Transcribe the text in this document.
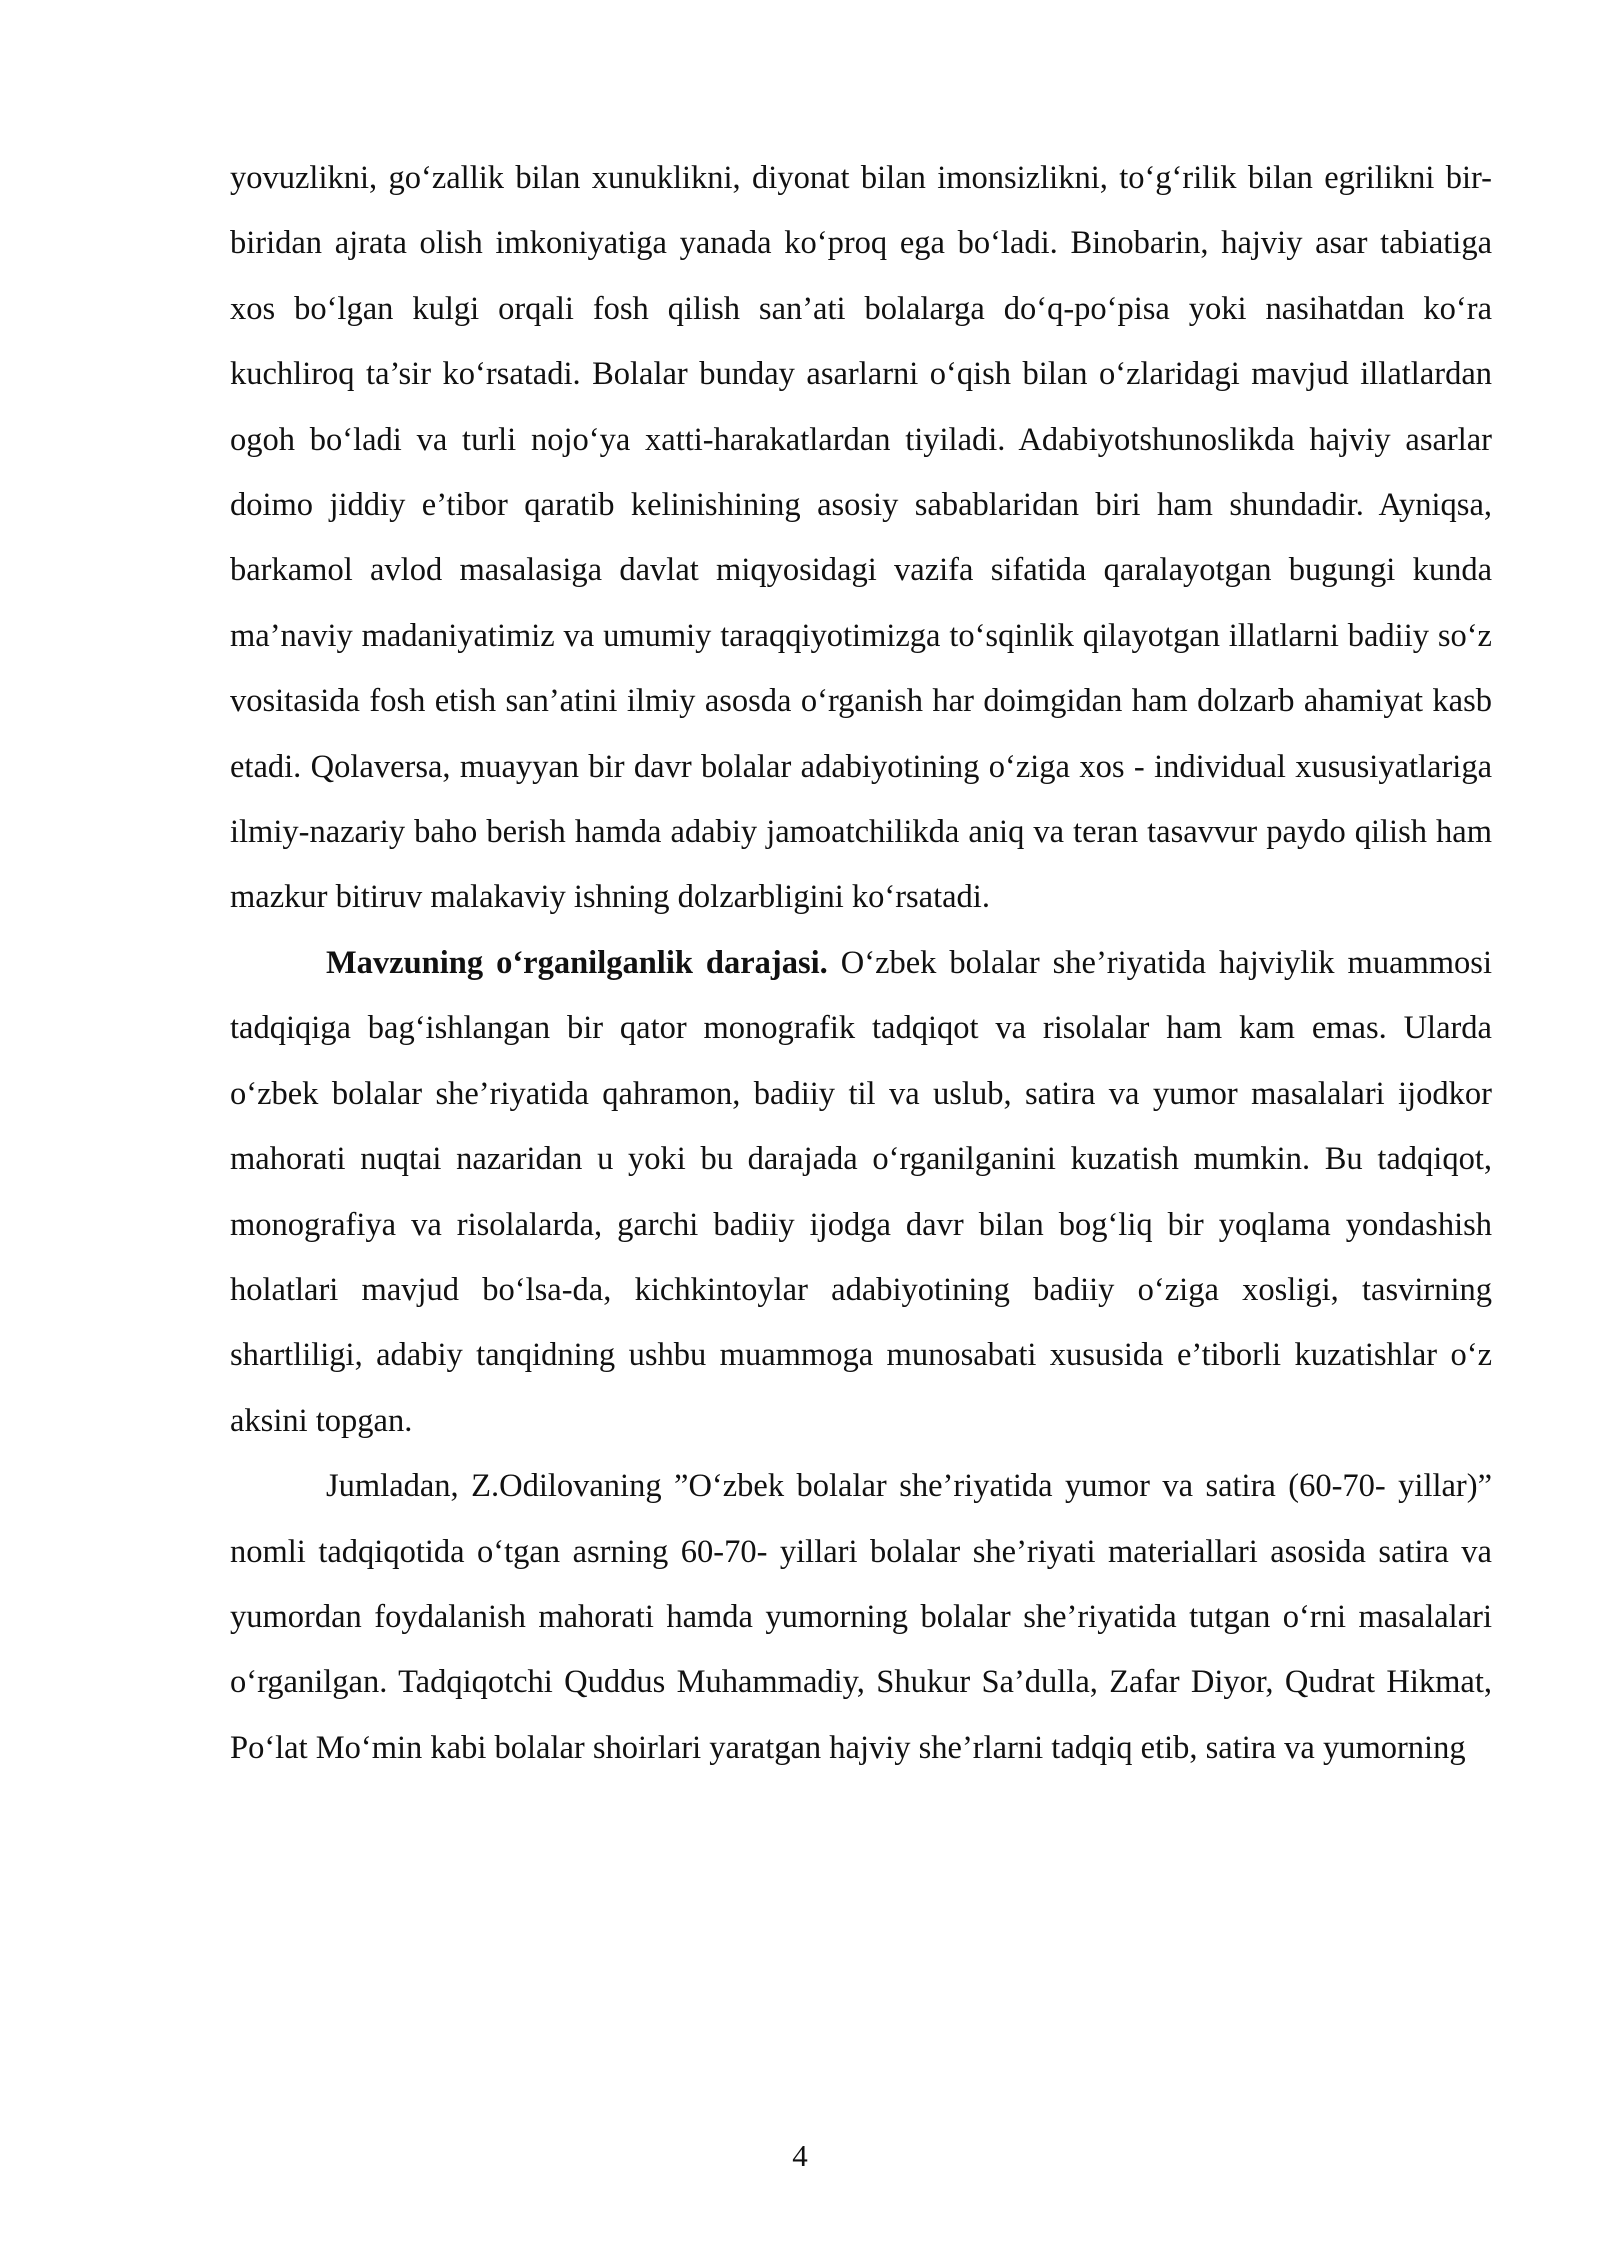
yovuzlikni, goʻzallik bilan xunuklikni, diyonat bilan imonsizlikni, toʻgʻrilik bilan egrilikni bir-biridan ajrata olish imkoniyatiga yanada koʻproq ega boʻladi. Binobarin, hajviy asar tabiatiga xos boʻlgan kulgi orqali fosh qilish san’ati bolalarga doʻq-poʻpisa yoki nasihatdan koʻra kuchliroq ta’sir koʻrsatadi. Bolalar bunday asarlarni oʻqish bilan oʻzlaridagi mavjud illatlardan ogoh boʻladi va turli nojoʻya xatti-harakatlardan tiyiladi. Adabiyotshunoslikda hajviy asarlar doimo jiddiy e’tibor qaratib kelinishining asosiy sabablaridan biri ham shundadir. Ayniqsa, barkamol avlod masalasiga davlat miqyosidagi vazifa sifatida qaralayotgan bugungi kunda ma’naviy madaniyatimiz va umumiy taraqqiyotimizga toʻsqinlik qilayotgan illatlarni badiiy soʻz vositasida fosh etish san’atini ilmiy asosda oʻrganish har doimgidan ham dolzarb ahamiyat kasb etadi. Qolaversa, muayyan bir davr bolalar adabiyotining oʻziga xos - individual xususiyatlariga ilmiy-nazariy baho berish hamda adabiy jamoatchilikda aniq va teran tasavvur paydo qilish ham mazkur bitiruv malakaviy ishning dolzarbligini koʻrsatadi.

Mavzuning oʻrganilganlik darajasi. Oʻzbek bolalar she’riyatida hajviylik muammosi tadqiqiga bagʻishlangan bir qator monografik tadqiqot va risolalar ham kam emas. Ularda oʻzbek bolalar she’riyatida qahramon, badiiy til va uslub, satira va yumor masalalari ijodkor mahorati nuqtai nazaridan u yoki bu darajada oʻrganilganini kuzatish mumkin. Bu tadqiqot, monografiya va risolalarda, garchi badiiy ijodga davr bilan bogʻliq bir yoqlama yondashish holatlari mavjud boʻlsa-da, kichkintoylar adabiyotining badiiy oʻziga xosligi, tasvirning shartliligi, adabiy tanqidning ushbu muammoga munosabati xususida e’tiborli kuzatishlar oʻz aksini topgan.

Jumladan, Z.Odilovaning ”Oʻzbek bolalar she’riyatida yumor va satira (60-70- yillar)” nomli tadqiqotida oʻtgan asrning 60-70- yillari bolalar she’riyati materiallari asosida satira va yumordan foydalanish mahorati hamda yumorning bolalar she’riyatida tutgan oʻrni masalalari oʻrganilgan. Tadqiqotchi Quddus Muhammadiy, Shukur Sa’dulla, Zafar Diyor, Qudrat Hikmat, Poʻlat Moʻmin kabi bolalar shoirlari yaratgan hajviy she’rlarni tadqiq etib, satira va yumorning

4
